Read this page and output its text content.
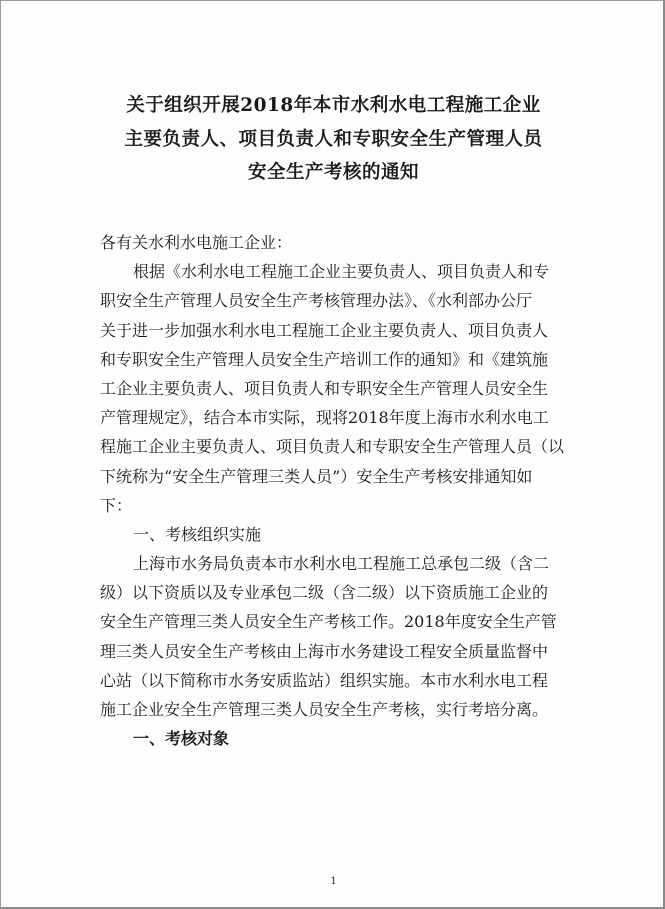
关于组织开展2018年本市水利水电工程施工企业
主要负责人、项目负责人和专职安全生产管理人员
安全生产考核的通知
各有关水利水电施工企业：
根据《水利水电工程施工企业主要负责人、项目负责人和专
职安全生产管理人员安全生产考核管理办法》、《水利部办公厅
关于进一步加强水利水电工程施工企业主要负责人、项目负责人
和专职安全生产管理人员安全生产培训工作的通知》和《建筑施
工企业主要负责人、项目负责人和专职安全生产管理人员安全生
产管理规定》，结合本市实际，现将2018年度上海市水利水电工
程施工企业主要负责人、项目负责人和专职安全生产管理人员（以
下统称为“安全生产管理三类人员”）安全生产考核安排通知如
下：
一、考核组织实施
上海市水务局负责本市水利水电工程施工总承包二级（含二
级）以下资质以及专业承包二级（含二级）以下资质施工企业的
安全生产管理三类人员安全生产考核工作。2018年度安全生产管
理三类人员安全生产考核由上海市水务建设工程安全质量监督中
心站（以下简称市水务安质监站）组织实施。本市水利水电工程
施工企业安全生产管理三类人员安全生产考核，实行考培分离。
一、考核对象
1
